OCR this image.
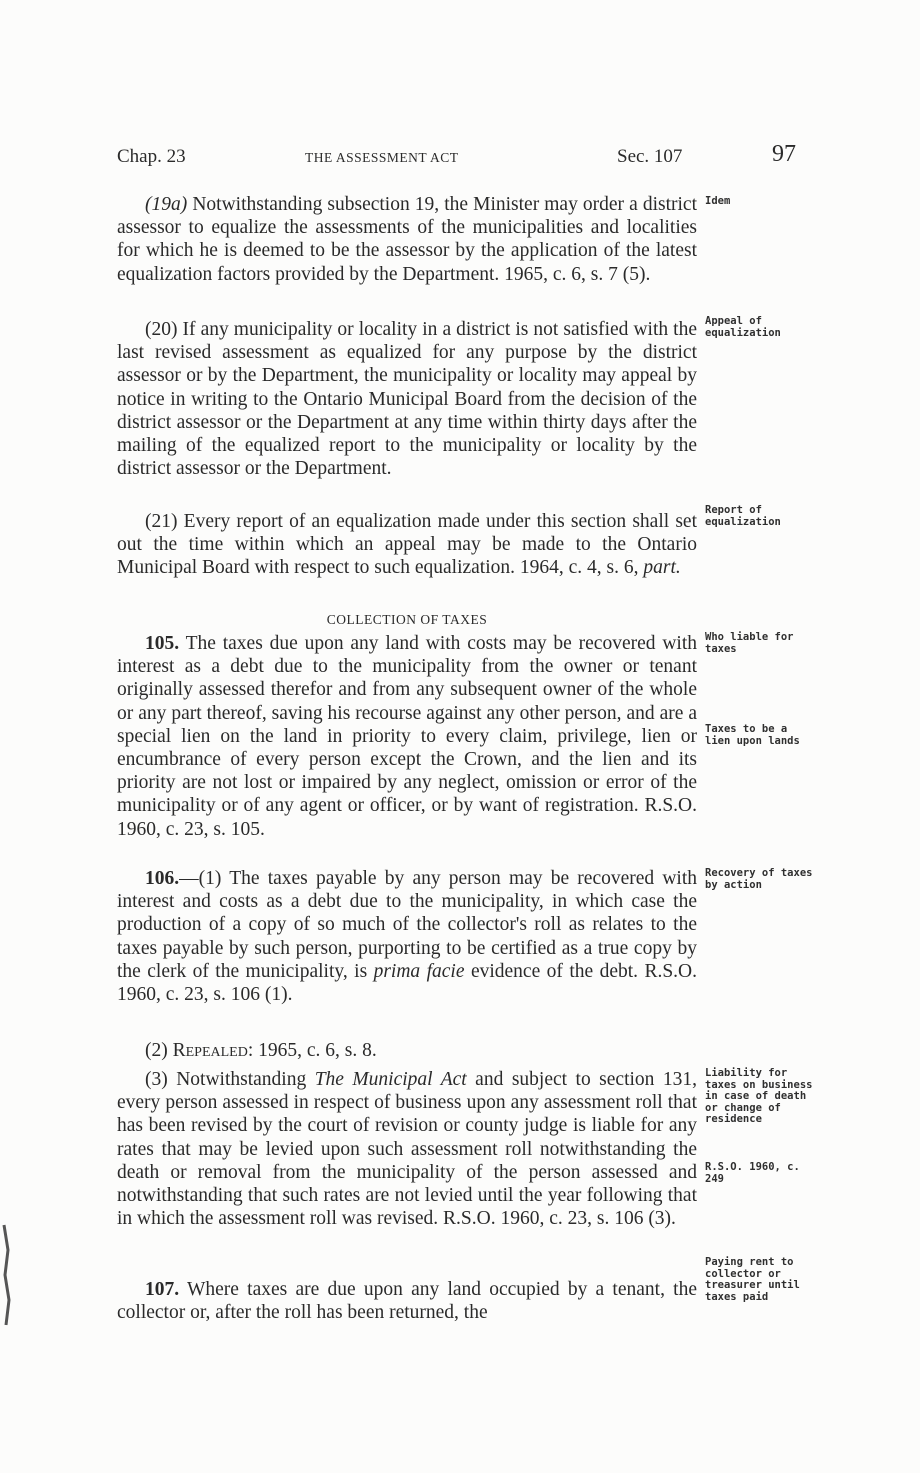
Chap. 23	THE ASSESSMENT ACT	Sec. 107	97

(19a) Notwithstanding subsection 19, the Minister may order a district assessor to equalize the assessments of the municipalities and localities for which he is deemed to be the assessor by the application of the latest equalization factors provided by the Department. 1965, c. 6, s. 7 (5).

Idem

(20) If any municipality or locality in a district is not satisfied with the last revised assessment as equalized for any purpose by the district assessor or by the Department, the municipality or locality may appeal by notice in writing to the Ontario Municipal Board from the decision of the district assessor or the Department at any time within thirty days after the mailing of the equalized report to the municipality or locality by the district assessor or the Department.

Appeal of equalization

(21) Every report of an equalization made under this section shall set out the time within which an appeal may be made to the Ontario Municipal Board with respect to such equalization. 1964, c. 4, s. 6, part.

Report of equalization
COLLECTION OF TAXES

105. The taxes due upon any land with costs may be recovered with interest as a debt due to the municipality from the owner or tenant originally assessed therefor and from any subsequent owner of the whole or any part thereof, saving his recourse against any other person, and are a special lien on the land in priority to every claim, privilege, lien or encumbrance of every person except the Crown, and the lien and its priority are not lost or impaired by any neglect, omission or error of the municipality or of any agent or officer, or by want of registration. R.S.O. 1960, c. 23, s. 105.

Who liable for taxes
Taxes to be a lien upon lands

106.—(1) The taxes payable by any person may be recovered with interest and costs as a debt due to the municipality, in which case the production of a copy of so much of the collector's roll as relates to the taxes payable by such person, purporting to be certified as a true copy by the clerk of the municipality, is prima facie evidence of the debt. R.S.O. 1960, c. 23, s. 106 (1).

Recovery of taxes by action

(2) Repealed: 1965, c. 6, s. 8.

(3) Notwithstanding The Municipal Act and subject to section 131, every person assessed in respect of business upon any assessment roll that has been revised by the court of revision or county judge is liable for any rates that may be levied upon such assessment roll notwithstanding the death or removal from the municipality of the person assessed and notwithstanding that such rates are not levied until the year following that in which the assessment roll was revised. R.S.O. 1960, c. 23, s. 106 (3).

Liability for taxes on business in case of death or change of residence
R.S.O. 1960, c. 249

107. Where taxes are due upon any land occupied by a tenant, the collector or, after the roll has been returned, the

Paying rent to collector or treasurer until taxes paid
